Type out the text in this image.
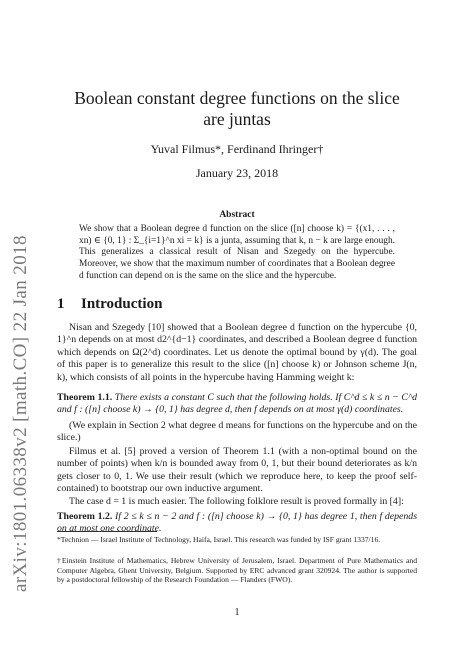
arXiv:1801.06338v2 [math.CO] 22 Jan 2018
Boolean constant degree functions on the slice
are juntas
Yuval Filmus*, Ferdinand Ihringer†
January 23, 2018
Abstract
We show that a Boolean degree d function on the slice ([n] choose k) = {(x1, . . . , xn) ∈ {0, 1} : Σ_{i=1}^n xi = k} is a junta, assuming that k, n − k are large enough. This generalizes a classical result of Nisan and Szegedy on the hypercube. Moreover, we show that the maximum number of coordinates that a Boolean degree d function can depend on is the same on the slice and the hypercube.
1 Introduction
Nisan and Szegedy [10] showed that a Boolean degree d function on the hypercube {0, 1}^n depends on at most d2^{d−1} coordinates, and described a Boolean degree d function which depends on Ω(2^d) coordinates. Let us denote the optimal bound by γ(d). The goal of this paper is to generalize this result to the slice ([n] choose k) or Johnson scheme J(n, k), which consists of all points in the hypercube having Hamming weight k:
Theorem 1.1. There exists a constant C such that the following holds. If C^d ≤ k ≤ n − C^d and f : ([n] choose k) → {0, 1} has degree d, then f depends on at most γ(d) coordinates.
(We explain in Section 2 what degree d means for functions on the hypercube and on the slice.)
Filmus et al. [5] proved a version of Theorem 1.1 (with a non-optimal bound on the number of points) when k/n is bounded away from 0, 1, but their bound deteriorates as k/n gets closer to 0, 1. We use their result (which we reproduce here, to keep the proof self-contained) to bootstrap our own inductive argument.
The case d = 1 is much easier. The following folklore result is proved formally in [4]:
Theorem 1.2. If 2 ≤ k ≤ n − 2 and f : ([n] choose k) → {0, 1} has degree 1, then f depends on at most one coordinate.
*Technion — Israel Institute of Technology, Haifa, Israel. This research was funded by ISF grant 1337/16.
†Einstein Institute of Mathematics, Hebrew University of Jerusalem, Israel. Department of Pure Mathematics and Computer Algebra, Ghent University, Belgium. Supported by ERC advanced grant 320924. The author is supported by a postdoctoral fellowship of the Research Foundation — Flanders (FWO).
1
